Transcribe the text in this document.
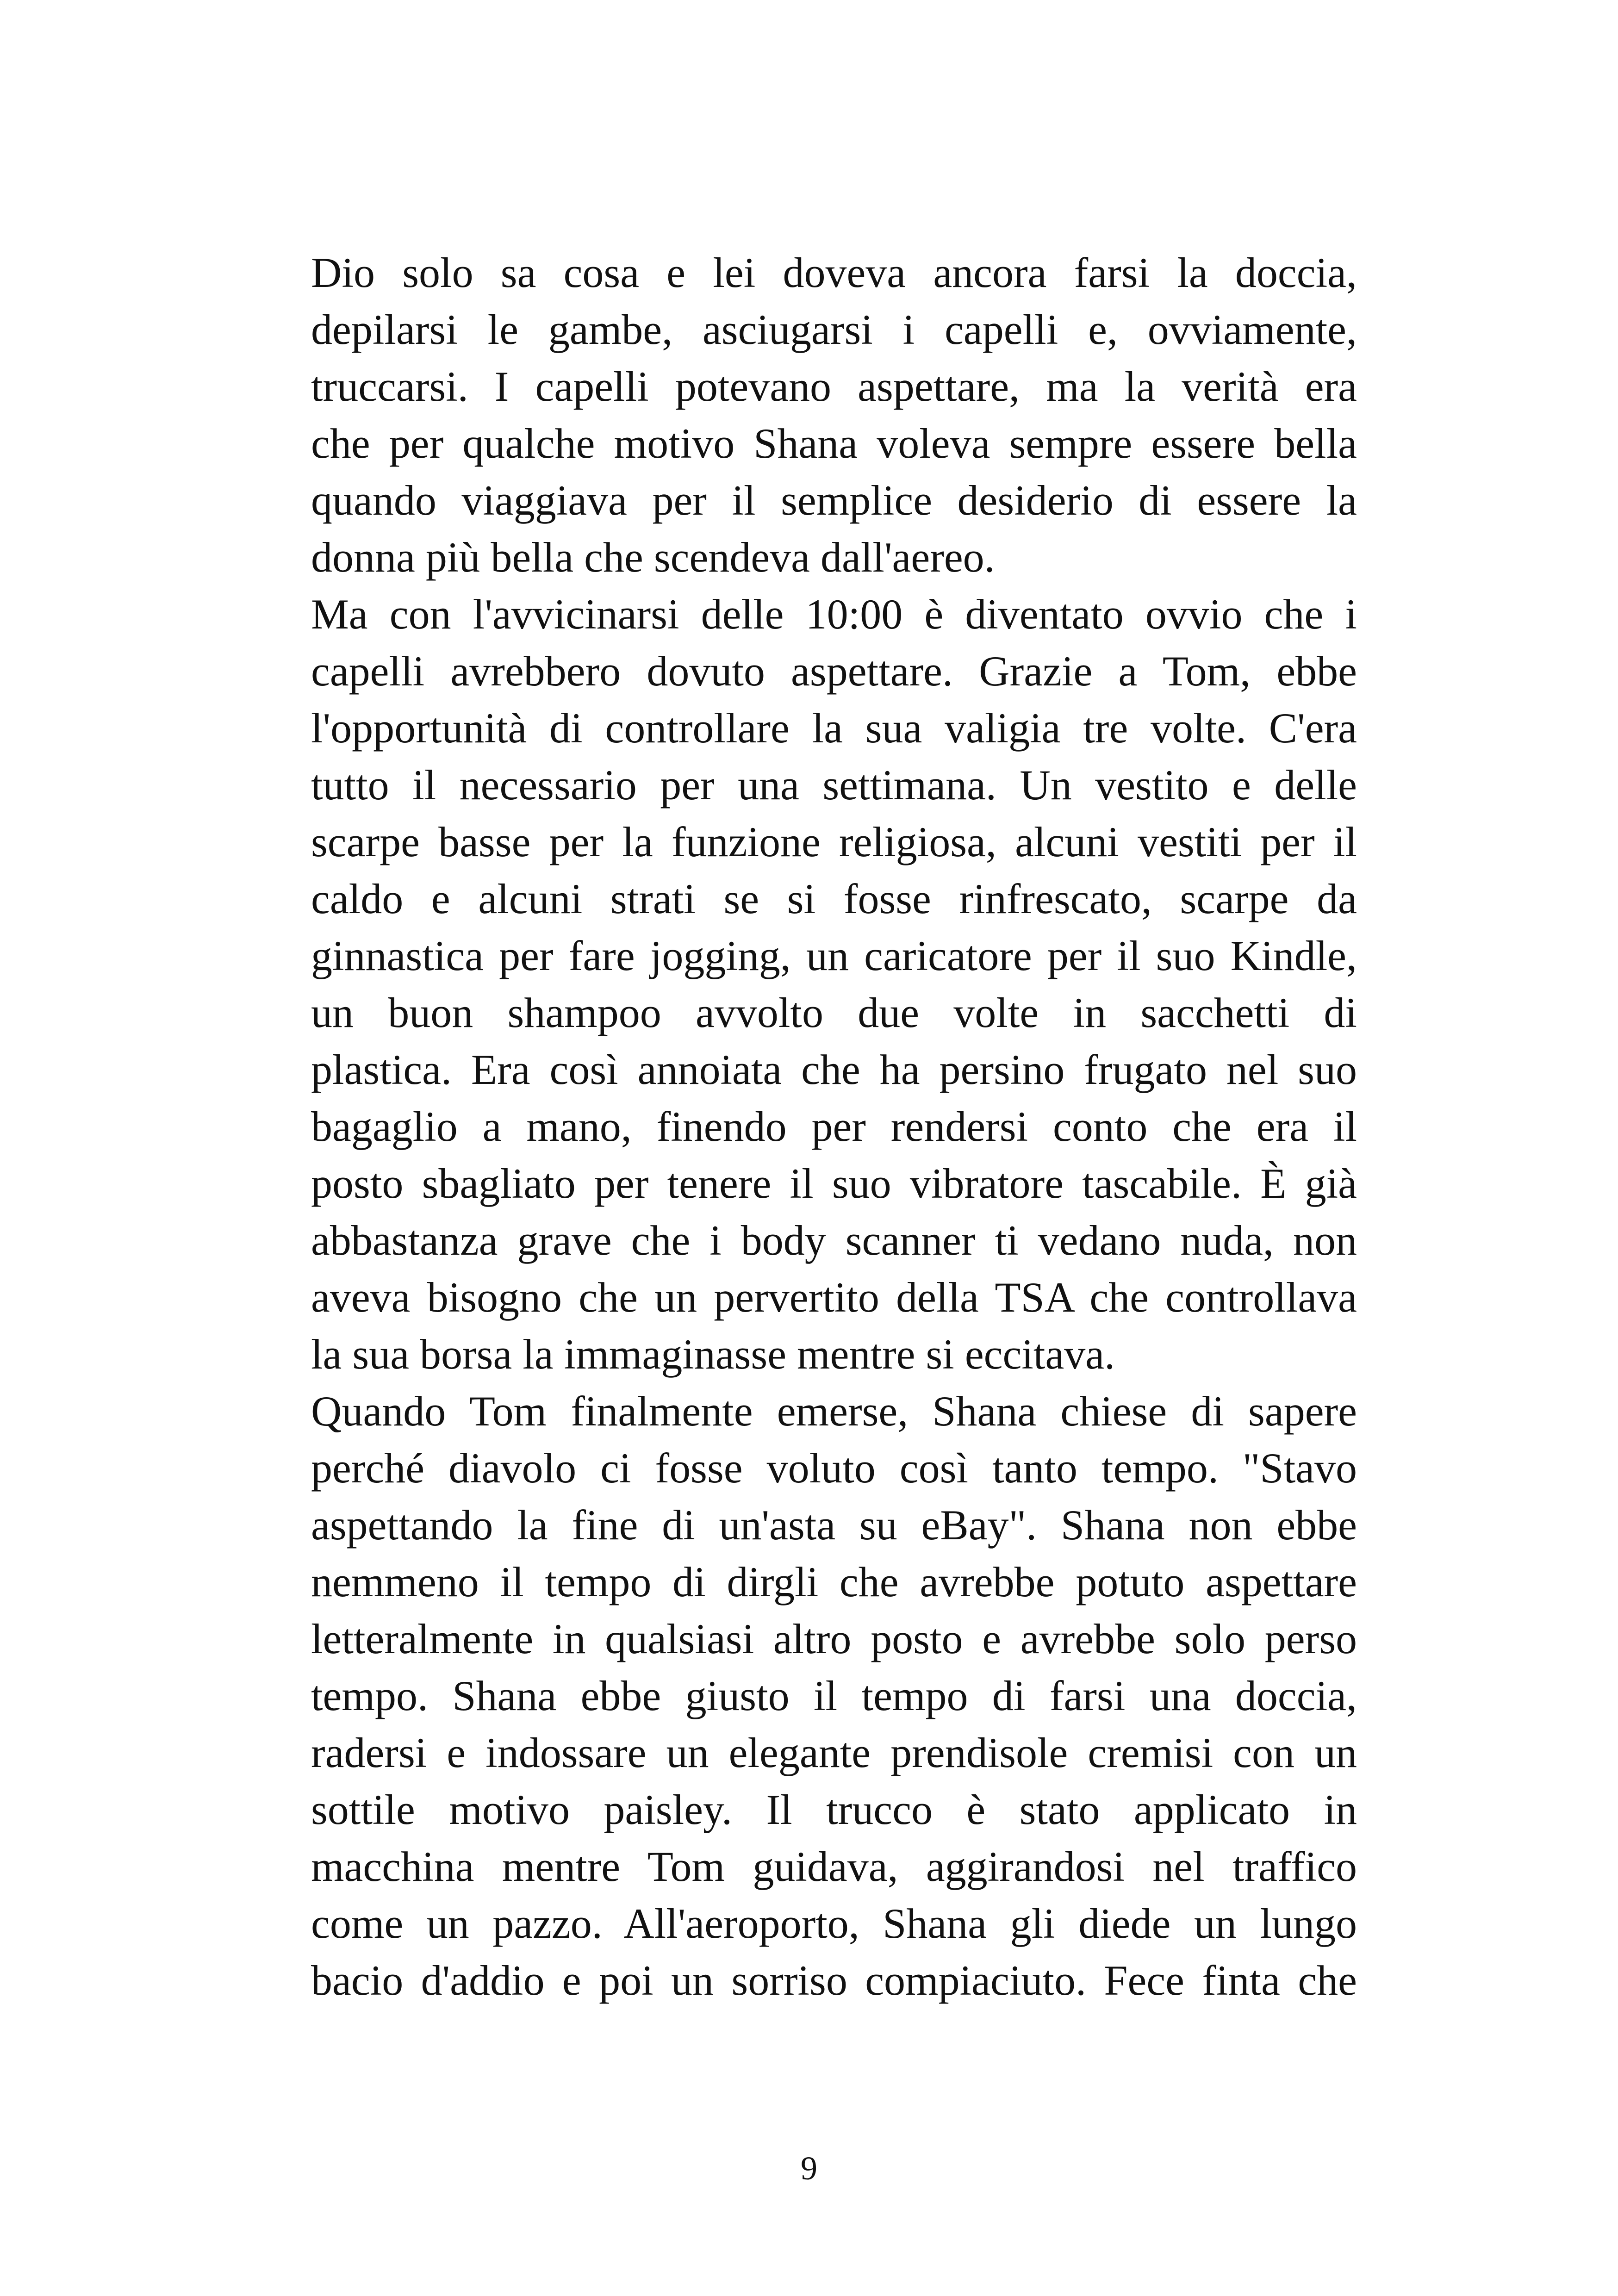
Dio solo sa cosa e lei doveva ancora farsi la doccia,
depilarsi le gambe, asciugarsi i capelli e, ovviamente,
truccarsi. I capelli potevano aspettare, ma la verità era
che per qualche motivo Shana voleva sempre essere bella
quando viaggiava per il semplice desiderio di essere la
donna più bella che scendeva dall'aereo.
Ma con l'avvicinarsi delle 10:00 è diventato ovvio che i
capelli avrebbero dovuto aspettare. Grazie a Tom, ebbe
l'opportunità di controllare la sua valigia tre volte. C'era
tutto il necessario per una settimana. Un vestito e delle
scarpe basse per la funzione religiosa, alcuni vestiti per il
caldo e alcuni strati se si fosse rinfrescato, scarpe da
ginnastica per fare jogging, un caricatore per il suo Kindle,
un buon shampoo avvolto due volte in sacchetti di
plastica. Era così annoiata che ha persino frugato nel suo
bagaglio a mano, finendo per rendersi conto che era il
posto sbagliato per tenere il suo vibratore tascabile. È già
abbastanza grave che i body scanner ti vedano nuda, non
aveva bisogno che un pervertito della TSA che controllava
la sua borsa la immaginasse mentre si eccitava.
Quando Tom finalmente emerse, Shana chiese di sapere
perché diavolo ci fosse voluto così tanto tempo. "Stavo
aspettando la fine di un'asta su eBay". Shana non ebbe
nemmeno il tempo di dirgli che avrebbe potuto aspettare
letteralmente in qualsiasi altro posto e avrebbe solo perso
tempo. Shana ebbe giusto il tempo di farsi una doccia,
radersi e indossare un elegante prendisole cremisi con un
sottile motivo paisley. Il trucco è stato applicato in
macchina mentre Tom guidava, aggirandosi nel traffico
come un pazzo. All'aeroporto, Shana gli diede un lungo
bacio d'addio e poi un sorriso compiaciuto. Fece finta che
9
